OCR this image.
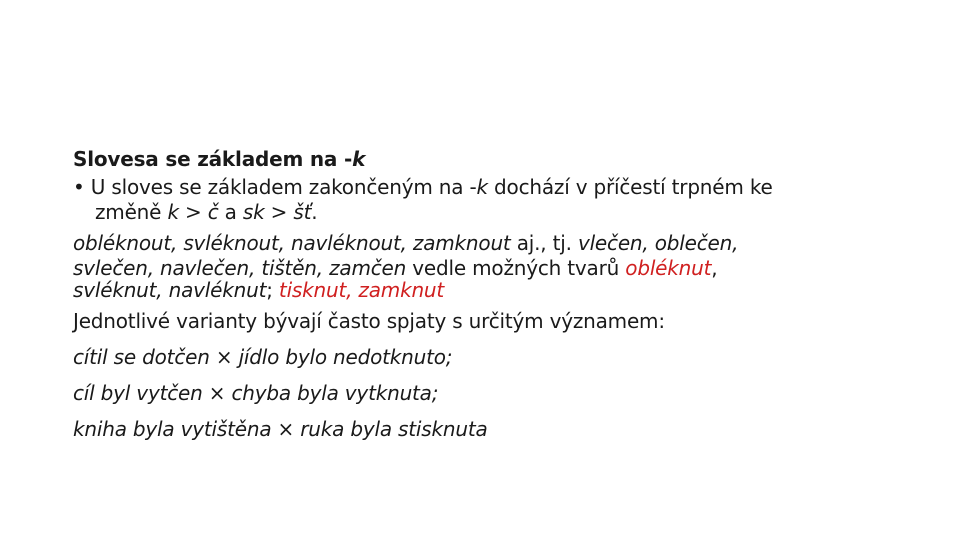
Slovesa se základem na -k
• U sloves se základem zakončeným na -k dochází v příčestí trpném ke
změně k > č a sk > šť.
obléknout, svléknout, navléknout, zamknout aj., tj. vlečen, oblečen,
svlečen, navlečen, tištěn, zamčen vedle možných tvarů obléknut,
svléknut, navléknut; tisknut, zamknut
Jednotlivé varianty bývají často spjaty s určitým významem:
cítil se dotčen × jídlo bylo nedotknuto;
cíl byl vytčen × chyba byla vytknuta;
kniha byla vytištěna × ruka byla stisknuta
